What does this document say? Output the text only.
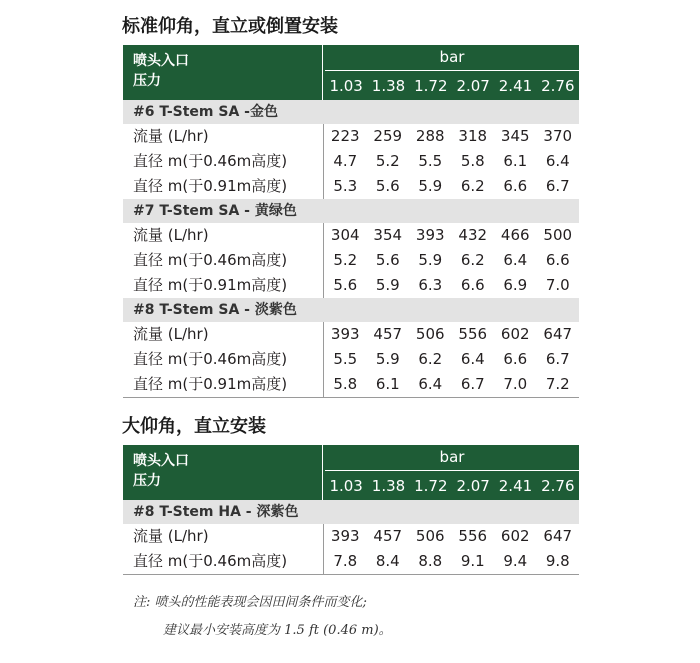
标准仰角，直立或倒置安装
喷头入口
压力
bar
1.03 1.38 1.72 2.07 2.41 2.76
#6 T-Stem SA -金色
流量 (L/hr)	223 259 288 318 345 370
直径 m(于0.46m高度)	4.7	5.2	5.5	5.8	6.1	6.4
直径 m(于0.91m高度)	5.3	5.6	5.9	6.2	6.6	6.7
#7 T-Stem SA - 黄绿色
流量 (L/hr)	304 354 393 432 466 500
直径 m(于0.46m高度)	5.2	5.6	5.9	6.2	6.4	6.6
直径 m(于0.91m高度)	5.6	5.9	6.3	6.6	6.9	7.0
#8 T-Stem SA - 淡紫色
流量 (L/hr)	393 457 506 556 602 647
直径 m(于0.46m高度)	5.5	5.9	6.2	6.4	6.6	6.7
直径 m(于0.91m高度)	5.8	6.1	6.4	6.7	7.0	7.2
大仰角，直立安装
喷头入口
压力
bar
1.03 1.38 1.72 2.07 2.41 2.76
#8 T-Stem HA - 深紫色
流量 (L/hr)	393 457 506 556 602 647
直径 m(于0.46m高度)	7.8	8.4	8.8	9.1	9.4	9.8
注: 喷头的性能表现会因田间条件而变化;
建议最小安装高度为 1.5 ft (0.46 m)。
